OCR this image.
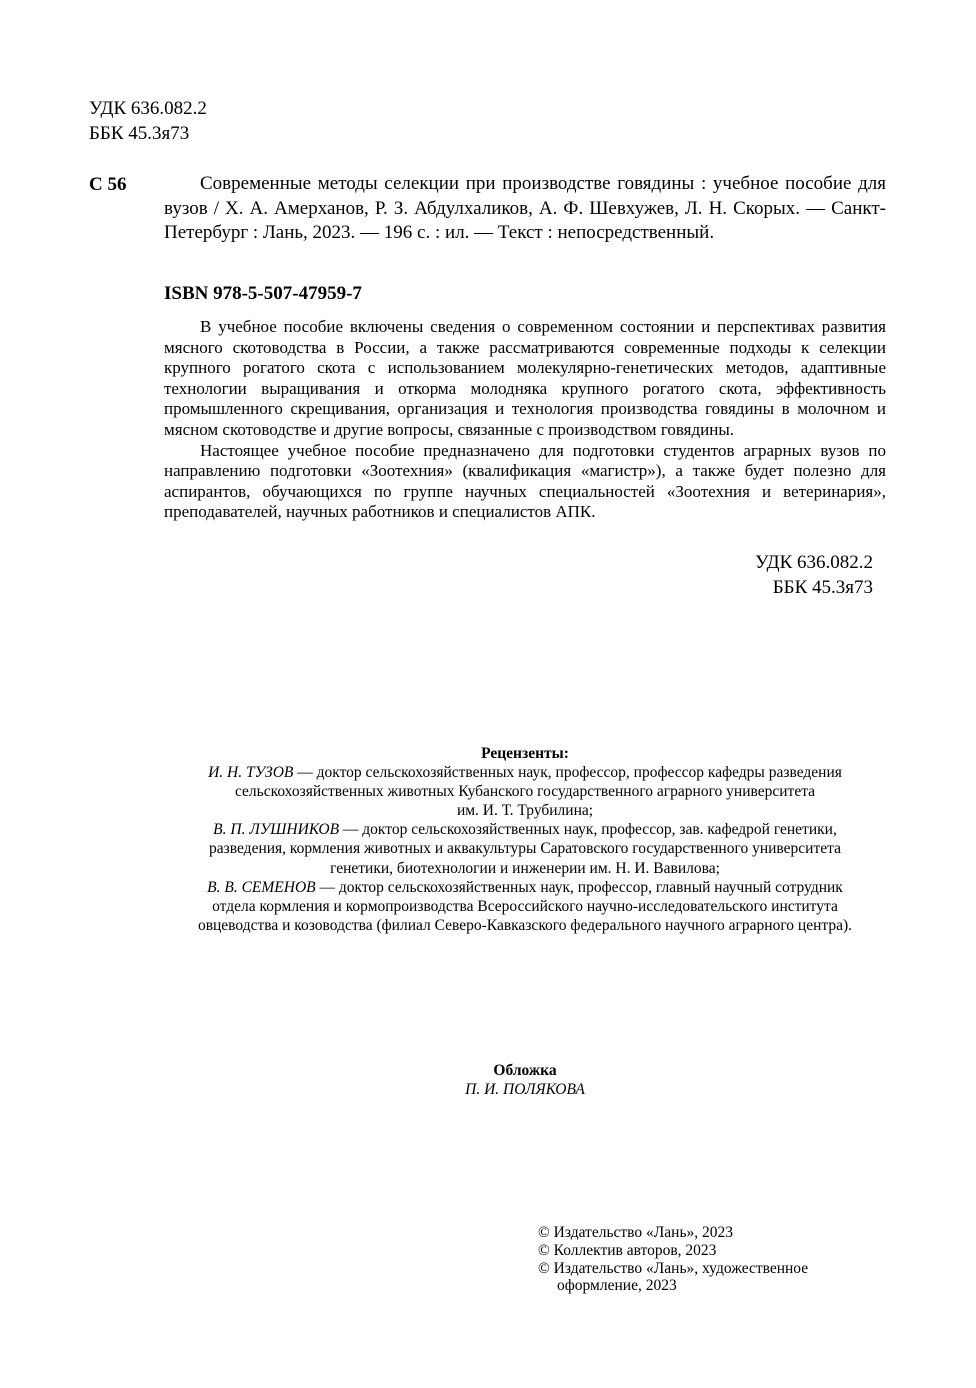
УДК 636.082.2
ББК 45.3я73
С 56	Современные методы селекции при производстве говядины : учебное пособие для вузов / Х. А. Амерханов, Р. З. Абдулхаликов, А. Ф. Шевхужев, Л. Н. Скорых. — Санкт-Петербург : Лань, 2023. — 196 с. : ил. — Текст : непосредственный.

ISBN 978-5-507-47959-7

В учебное пособие включены сведения о современном состоянии и перспективах развития мясного скотоводства в России, а также рассматриваются современные подходы к селекции крупного рогатого скота с использованием молекулярно-генетических методов, адаптивные технологии выращивания и откорма молодняка крупного рогатого скота, эффективность промышленного скрещивания, организация и технология производства говядины в молочном и мясном скотоводстве и другие вопросы, связанные с производством говядины.

Настоящее учебное пособие предназначено для подготовки студентов аграрных вузов по направлению подготовки «Зоотехния» (квалификация «магистр»), а также будет полезно для аспирантов, обучающихся по группе научных специальностей «Зоотехния и ветеринария», преподавателей, научных работников и специалистов АПК.

УДК 636.082.2
ББК 45.3я73
Рецензенты:
И. Н. ТУЗОВ — доктор сельскохозяйственных наук, профессор, профессор кафедры разведения
сельскохозяйственных животных Кубанского государственного аграрного университета
им. И. Т. Трубилина;
В. П. ЛУШНИКОВ — доктор сельскохозяйственных наук, профессор, зав. кафедрой генетики,
разведения, кормления животных и аквакультуры Саратовского государственного университета
генетики, биотехнологии и инженерии им. Н. И. Вавилова;
В. В. СЕМЕНОВ — доктор сельскохозяйственных наук, профессор, главный научный сотрудник
отдела кормления и кормопроизводства Всероссийского научно-исследовательского института
овцеводства и козоводства (филиал Северо-Кавказского федерального научного аграрного центра).
Обложка
П. И. ПОЛЯКОВА
© Издательство «Лань», 2023
© Коллектив авторов, 2023
© Издательство «Лань», художественное
оформление, 2023
